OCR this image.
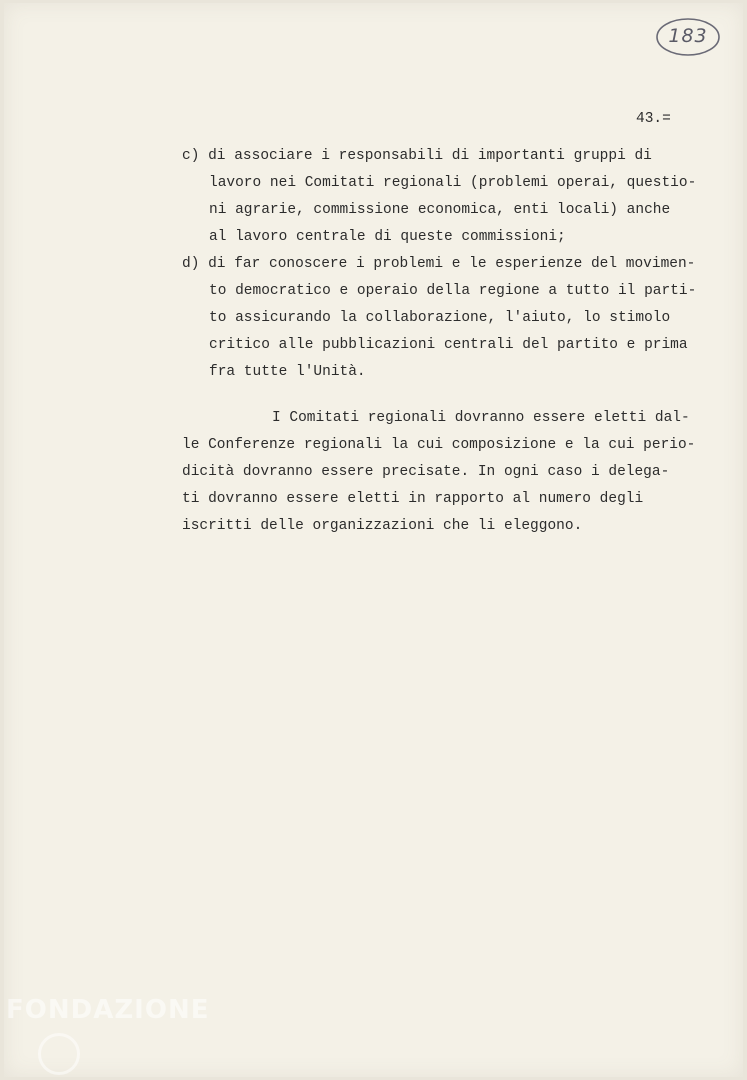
183
43.=
c) di associare i responsabili di importanti gruppi di
lavoro nei Comitati regionali (problemi operai, questio-
ni agrarie, commissione economica, enti locali) anche
al lavoro centrale di queste commissioni;
d) di far conoscere i problemi e le esperienze del movimen-
to democratico e operaio della regione a tutto il parti-
to assicurando la collaborazione, l'aiuto, lo stimolo
critico alle pubblicazioni centrali del partito e prima
fra tutte l'Unità.
I Comitati regionali dovranno essere eletti dal-
le Conferenze regionali la cui composizione e la cui perio-
dicità dovranno essere precisate. In ogni caso i delega-
ti dovranno essere eletti in rapporto al numero degli
iscritti delle organizzazioni che li eleggono.
FONDAZIONE
